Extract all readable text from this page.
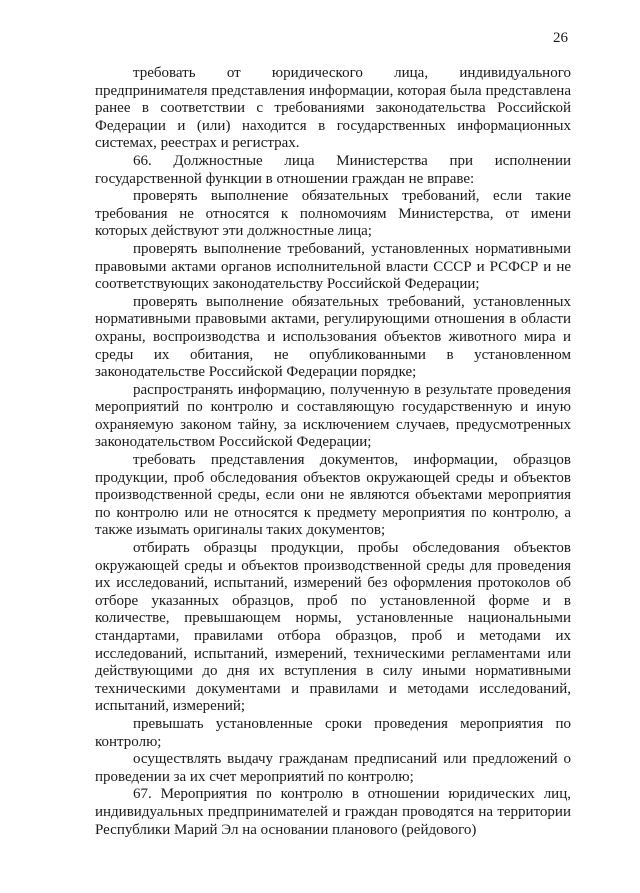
26

требовать от юридического лица, индивидуального предпринимателя представления информации, которая была представлена ранее в соответствии с требованиями законодательства Российской Федерации и (или) находится в государственных информационных системах, реестрах и регистрах.

66. Должностные лица Министерства при исполнении государственной функции в отношении граждан не вправе:

проверять выполнение обязательных требований, если такие требования не относятся к полномочиям Министерства, от имени которых действуют эти должностные лица;

проверять выполнение требований, установленных нормативными правовыми актами органов исполнительной власти СССР и РСФСР и не соответствующих законодательству Российской Федерации;

проверять выполнение обязательных требований, установленных нормативными правовыми актами, регулирующими отношения в области охраны, воспроизводства и использования объектов животного мира и среды их обитания, не опубликованными в установленном законодательстве Российской Федерации порядке;

распространять информацию, полученную в результате проведения мероприятий по контролю и составляющую государственную и иную охраняемую законом тайну, за исключением случаев, предусмотренных законодательством Российской Федерации;

требовать представления документов, информации, образцов продукции, проб обследования объектов окружающей среды и объектов производственной среды, если они не являются объектами мероприятия по контролю или не относятся к предмету мероприятия по контролю, а также изымать оригиналы таких документов;

отбирать образцы продукции, пробы обследования объектов окружающей среды и объектов производственной среды для проведения их исследований, испытаний, измерений без оформления протоколов об отборе указанных образцов, проб по установленной форме и в количестве, превышающем нормы, установленные национальными стандартами, правилами отбора образцов, проб и методами их исследований, испытаний, измерений, техническими регламентами или действующими до дня их вступления в силу иными нормативными техническими документами и правилами и методами исследований, испытаний, измерений;

превышать установленные сроки проведения мероприятия по контролю;

осуществлять выдачу гражданам предписаний или предложений о проведении за их счет мероприятий по контролю;

67. Мероприятия по контролю в отношении юридических лиц, индивидуальных предпринимателей и граждан проводятся на территории Республики Марий Эл на основании планового (рейдового)
